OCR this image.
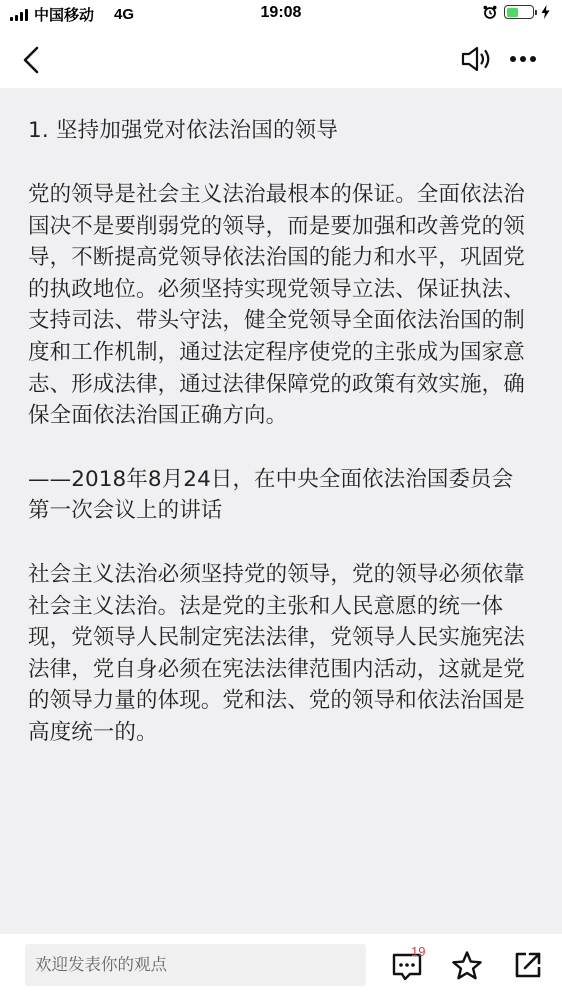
中国移动 4G	19:08
1. 坚持加强党对依法治国的领导

党的领导是社会主义法治最根本的保证。全面依法治国决不是要削弱党的领导，而是要加强和改善党的领导，不断提高党领导依法治国的能力和水平，巩固党的执政地位。必须坚持实现党领导立法、保证执法、支持司法、带头守法，健全党领导全面依法治国的制度和工作机制，通过法定程序使党的主张成为国家意志、形成法律，通过法律保障党的政策有效实施，确保全面依法治国正确方向。

——2018年8月24日，在中央全面依法治国委员会第一次会议上的讲话

社会主义法治必须坚持党的领导，党的领导必须依靠社会主义法治。法是党的主张和人民意愿的统一体现，党领导人民制定宪法法律，党领导人民实施宪法法律，党自身必须在宪法法律范围内活动，这就是党的领导力量的体现。党和法、党的领导和依法治国是高度统一的。

欢迎发表你的观点
19
